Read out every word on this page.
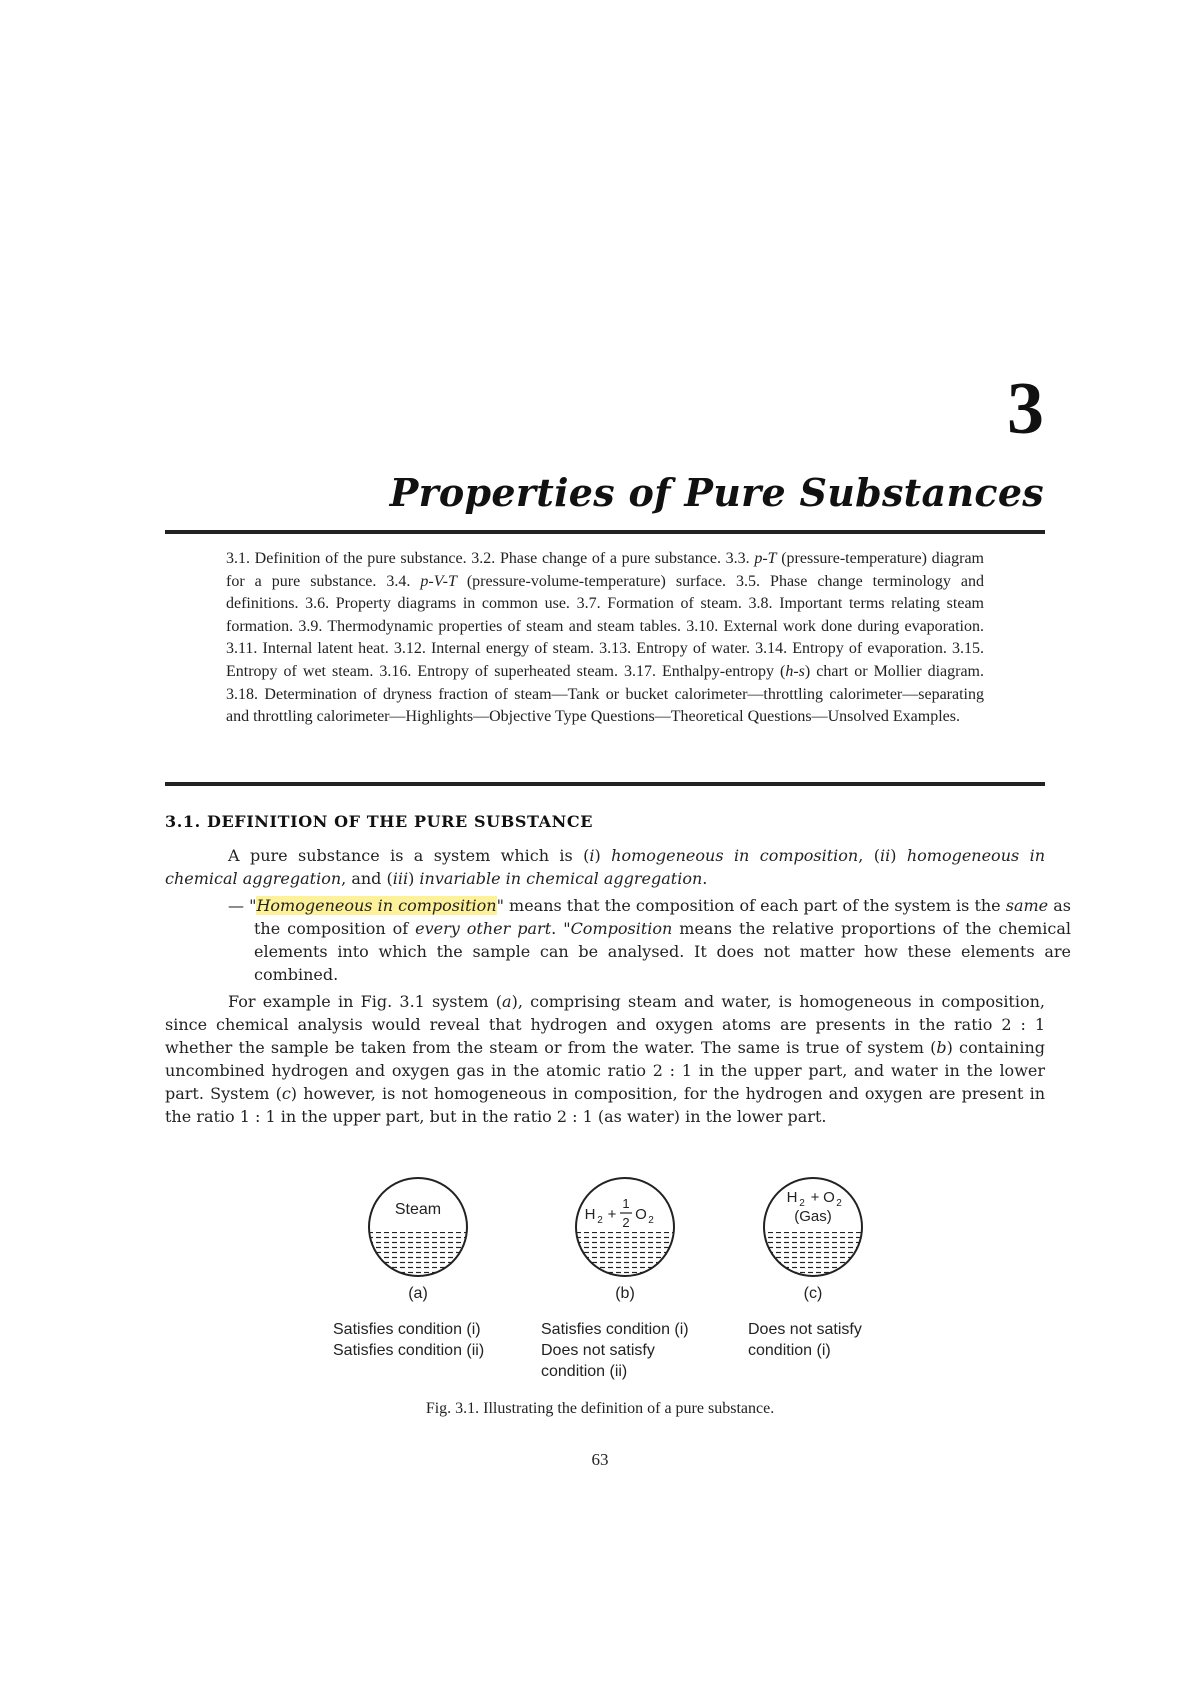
3
Properties of Pure Substances
3.1. Definition of the pure substance. 3.2. Phase change of a pure substance. 3.3. p-T (pressure-temperature) diagram for a pure substance. 3.4. p-V-T (pressure-volume-temperature) surface. 3.5. Phase change terminology and definitions. 3.6. Property diagrams in common use. 3.7. Formation of steam. 3.8. Important terms relating steam formation. 3.9. Thermodynamic properties of steam and steam tables. 3.10. External work done during evaporation. 3.11. Internal latent heat. 3.12. Internal energy of steam. 3.13. Entropy of water. 3.14. Entropy of evaporation. 3.15. Entropy of wet steam. 3.16. Entropy of superheated steam. 3.17. Enthalpy-entropy (h-s) chart or Mollier diagram. 3.18. Determination of dryness fraction of steam—Tank or bucket calorimeter—throttling calorimeter—separating and throttling calorimeter—Highlights—Objective Type Questions—Theoretical Questions—Unsolved Examples.
3.1. DEFINITION OF THE PURE SUBSTANCE
A pure substance is a system which is (i) homogeneous in composition, (ii) homogeneous in chemical aggregation, and (iii) invariable in chemical aggregation.
— "Homogeneous in composition" means that the composition of each part of the system is the same as the composition of every other part. "Composition means the relative proportions of the chemical elements into which the sample can be analysed. It does not matter how these elements are combined.
For example in Fig. 3.1 system (a), comprising steam and water, is homogeneous in composition, since chemical analysis would reveal that hydrogen and oxygen atoms are presents in the ratio 2 : 1 whether the sample be taken from the steam or from the water. The same is true of system (b) containing uncombined hydrogen and oxygen gas in the atomic ratio 2 : 1 in the upper part, and water in the lower part. System (c) however, is not homogeneous in composition, for the hydrogen and oxygen are present in the ratio 1 : 1 in the upper part, but in the ratio 2 : 1 (as water) in the lower part.
Steam	H 2 +
1
2 O 2
H 2 + O 2
(Gas)
(a)	(b)	(c)
Satisfies condition (i)
Satisfies condition (ii)
Satisfies condition (i)
Does not satisfy
condition (ii)
Does not satisfy
condition (i)
Fig. 3.1. Illustrating the definition of a pure substance.
63
